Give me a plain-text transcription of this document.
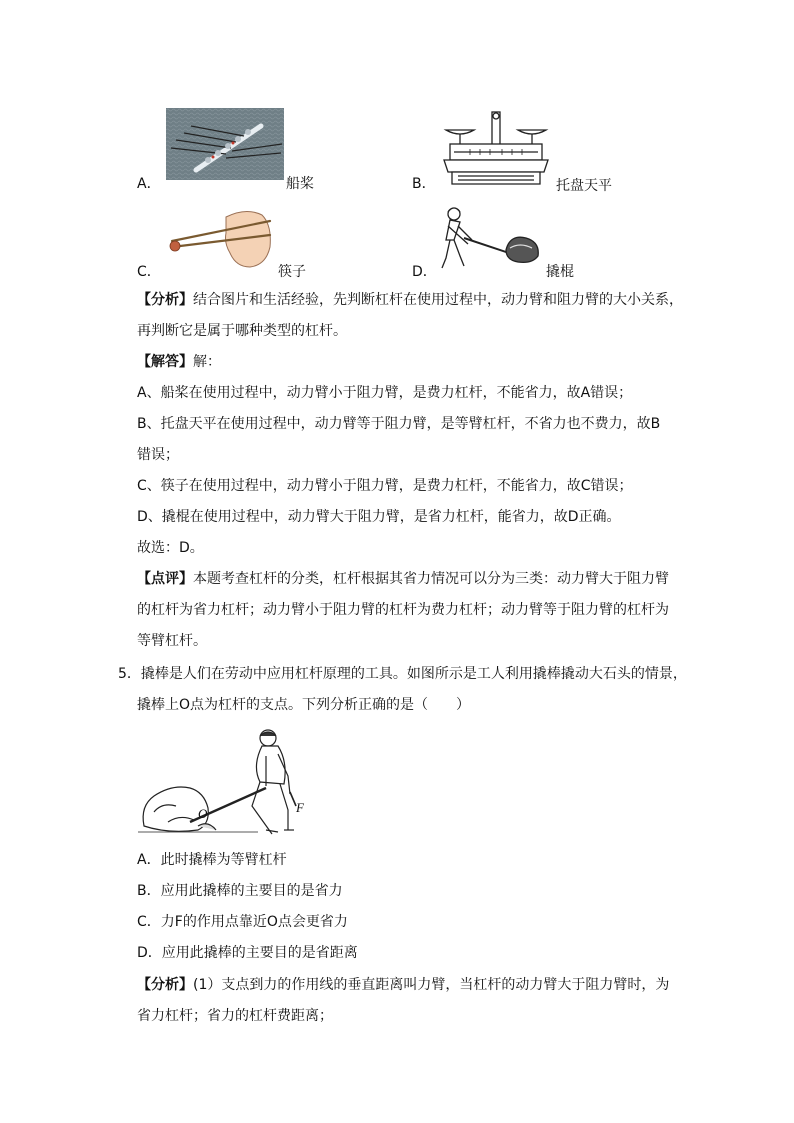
A．	船桨	B．	托盘天平
C．	筷子	D．	撬棍
【分析】结合图片和生活经验，先判断杠杆在使用过程中，动力臂和阻力臂的大小关系，
再判断它是属于哪种类型的杠杆。
【解答】解：
A、船桨在使用过程中，动力臂小于阻力臂，是费力杠杆，不能省力，故A错误；
B、托盘天平在使用过程中，动力臂等于阻力臂，是等臂杠杆，不省力也不费力，故B
错误；
C、筷子在使用过程中，动力臂小于阻力臂，是费力杠杆，不能省力，故C错误；
D、撬棍在使用过程中，动力臂大于阻力臂，是省力杠杆，能省力，故D正确。
故选：D。
【点评】本题考查杠杆的分类，杠杆根据其省力情况可以分为三类：动力臂大于阻力臂
的杠杆为省力杠杆；动力臂小于阻力臂的杠杆为费力杠杆；动力臂等于阻力臂的杠杆为
等臂杠杆。
5．撬棒是人们在劳动中应用杠杆原理的工具。如图所示是工人利用撬棒撬动大石头的情景，
撬棒上O点为杠杆的支点。下列分析正确的是（　　）
O	F
A．此时撬棒为等臂杠杆
B．应用此撬棒的主要目的是省力
C．力F的作用点靠近O点会更省力
D．应用此撬棒的主要目的是省距离
【分析】(1）支点到力的作用线的垂直距离叫力臂，当杠杆的动力臂大于阻力臂时，为
省力杠杆；省力的杠杆费距离；
